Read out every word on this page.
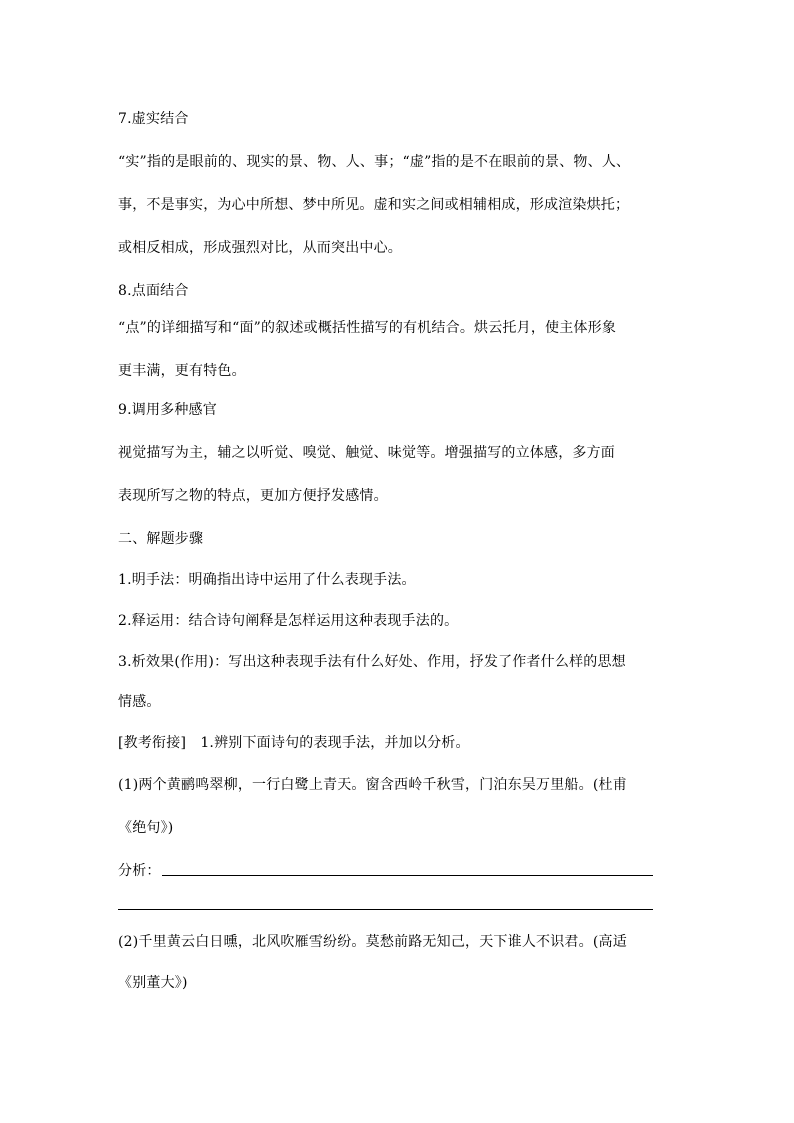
7.虚实结合
“实”指的是眼前的、现实的景、物、人、事；“虚”指的是不在眼前的景、物、人、
事，不是事实，为心中所想、梦中所见。虚和实之间或相辅相成，形成渲染烘托；
或相反相成，形成强烈对比，从而突出中心。
8.点面结合
“点”的详细描写和“面”的叙述或概括性描写的有机结合。烘云托月，使主体形象
更丰满，更有特色。
9.调用多种感官
视觉描写为主，辅之以听觉、嗅觉、触觉、味觉等。增强描写的立体感，多方面
表现所写之物的特点，更加方便抒发感情。
二、解题步骤
1.明手法：明确指出诗中运用了什么表现手法。
2.释运用：结合诗句阐释是怎样运用这种表现手法的。
3.析效果(作用)：写出这种表现手法有什么好处、作用，抒发了作者什么样的思想
情感。
[教考衔接]　1.辨别下面诗句的表现手法，并加以分析。
(1)两个黄鹂鸣翠柳，一行白鹭上青天。窗含西岭千秋雪，门泊东吴万里船。(杜甫
《绝句》)
分析：
(2)千里黄云白日曛，北风吹雁雪纷纷。莫愁前路无知己，天下谁人不识君。(高适
《别董大》)
